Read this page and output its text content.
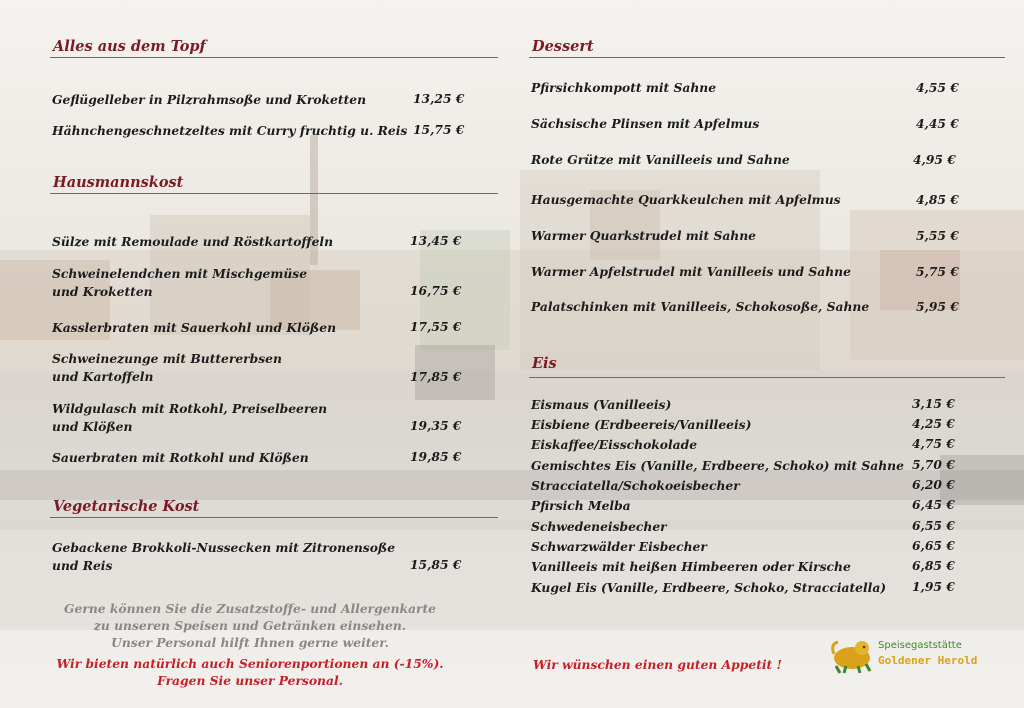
Alles aus dem Topf
Geflügelleber in Pilzrahmsoße und Kroketten	13,25 €
Hähnchengeschnetzeltes mit Curry fruchtig u. Reis 15,75 €
Hausmannskost
Sülze mit Remoulade und Röstkartoffeln	13,45 €
Schweinelendchen mit Mischgemüse
und Kroketten	16,75 €
Kasslerbraten mit Sauerkohl und Klößen	17,55 €
Schweinezunge mit Buttererbsen
und Kartoffeln	17,85 €
Wildgulasch mit Rotkohl, Preiselbeeren
und Klößen	19,35 €
Sauerbraten mit Rotkohl und Klößen	19,85 €
Vegetarische Kost
Gebackene Brokkoli-Nussecken mit Zitronensoße
und Reis	15,85 €
Gerne können Sie die Zusatzstoffe- und Allergenkarte
zu unseren Speisen und Getränken einsehen.
Unser Personal hilft Ihnen gerne weiter.
Wir bieten natürlich auch Seniorenportionen an (-15%).
Fragen Sie unser Personal.
Dessert
Pfirsichkompott mit Sahne	4,55 €
Sächsische Plinsen mit Apfelmus	4,45 €
Rote Grütze mit Vanilleeis und Sahne	4,95 €
Hausgemachte Quarkkeulchen mit Apfelmus	4,85 €
Warmer Quarkstrudel mit Sahne	5,55 €
Warmer Apfelstrudel mit Vanilleeis und Sahne	5,75 €
Palatschinken mit Vanilleeis, Schokosoße, Sahne	5,95 €
Eis
Eismaus (Vanilleeis)	3,15 €
Eisbiene (Erdbeereis/Vanilleeis)	4,25 €
Eiskaffee/Eisschokolade	4,75 €
Gemischtes Eis (Vanille, Erdbeere, Schoko) mit Sahne 5,70 €
Stracciatella/Schokoeisbecher	6,20 €
Pfirsich Melba	6,45 €
Schwedeneisbecher	6,55 €
Schwarzwälder Eisbecher	6,65 €
Vanilleeis mit heißen Himbeeren oder Kirsche	6,85 €
Kugel Eis (Vanille, Erdbeere, Schoko, Stracciatella) 1,95 €
Wir wünschen einen guten Appetit !
Speisegaststätte
Goldener Herold
